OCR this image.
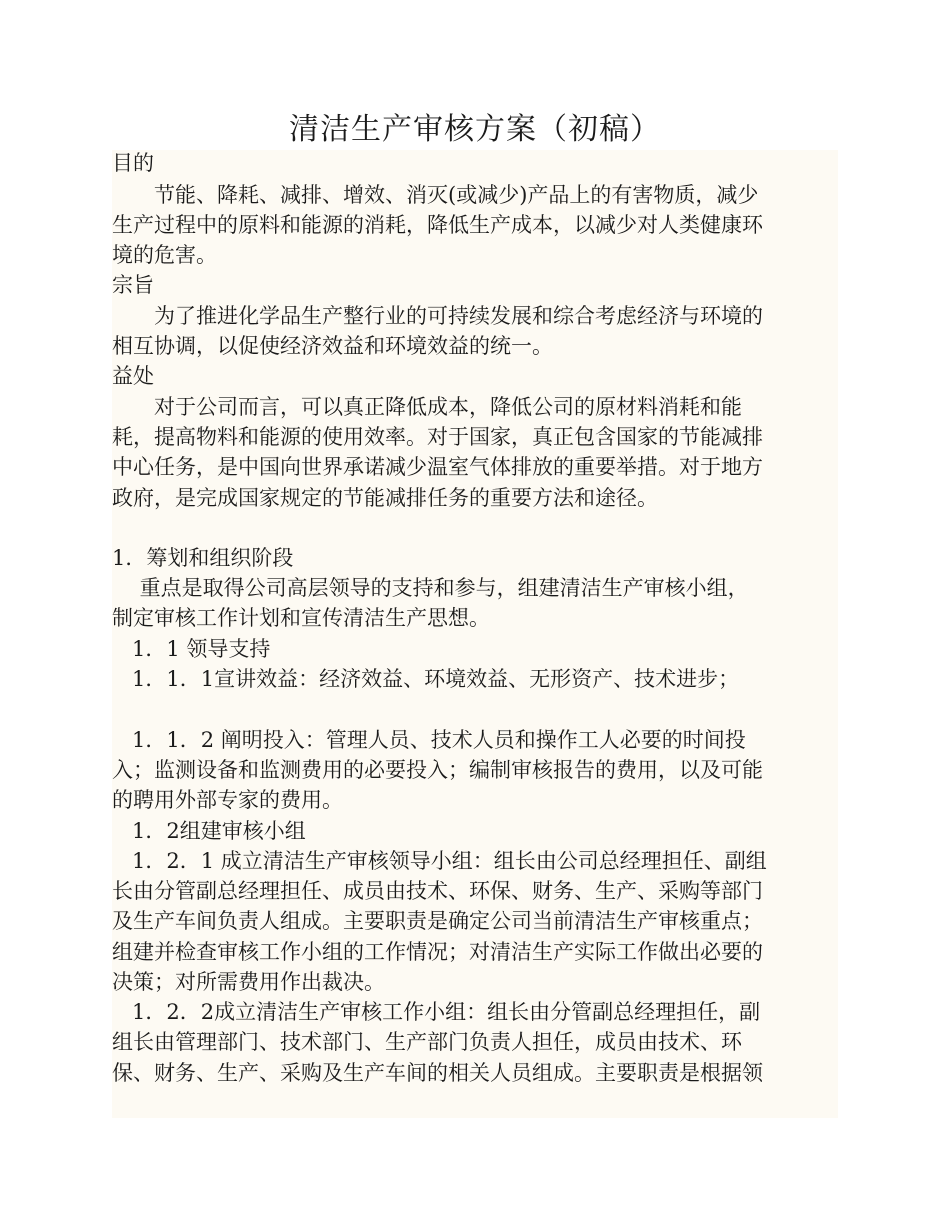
清洁生产审核方案（初稿）

目的

　　节能、降耗、减排、增效、消灭(或减少)产品上的有害物质，减少

生产过程中的原料和能源的消耗，降低生产成本，以减少对人类健康环

境的危害。

宗旨

　　为了推进化学品生产整行业的可持续发展和综合考虑经济与环境的

相互协调，以促使经济效益和环境效益的统一。

益处

　　对于公司而言，可以真正降低成本，降低公司的原材料消耗和能

耗，提高物料和能源的使用效率。对于国家，真正包含国家的节能减排

中心任务，是中国向世界承诺减少温室气体排放的重要举措。对于地方

政府，是完成国家规定的节能减排任务的重要方法和途径。

1．筹划和组织阶段

　 重点是取得公司高层领导的支持和参与，组建清洁生产审核小组，

制定审核工作计划和宣传清洁生产思想。

1．1 领导支持

1．1．1宣讲效益：经济效益、环境效益、无形资产、技术进步；

1．1．2 阐明投入：管理人员、技术人员和操作工人必要的时间投

入；监测设备和监测费用的必要投入；编制审核报告的费用，以及可能

的聘用外部专家的费用。

1．2组建审核小组

1．2．1 成立清洁生产审核领导小组：组长由公司总经理担任、副组

长由分管副总经理担任、成员由技术、环保、财务、生产、采购等部门

及生产车间负责人组成。主要职责是确定公司当前清洁生产审核重点；

组建并检查审核工作小组的工作情况；对清洁生产实际工作做出必要的

决策；对所需费用作出裁决。

1．2．2成立清洁生产审核工作小组：组长由分管副总经理担任，副

组长由管理部门、技术部门、生产部门负责人担任，成员由技术、环

保、财务、生产、采购及生产车间的相关人员组成。主要职责是根据领
